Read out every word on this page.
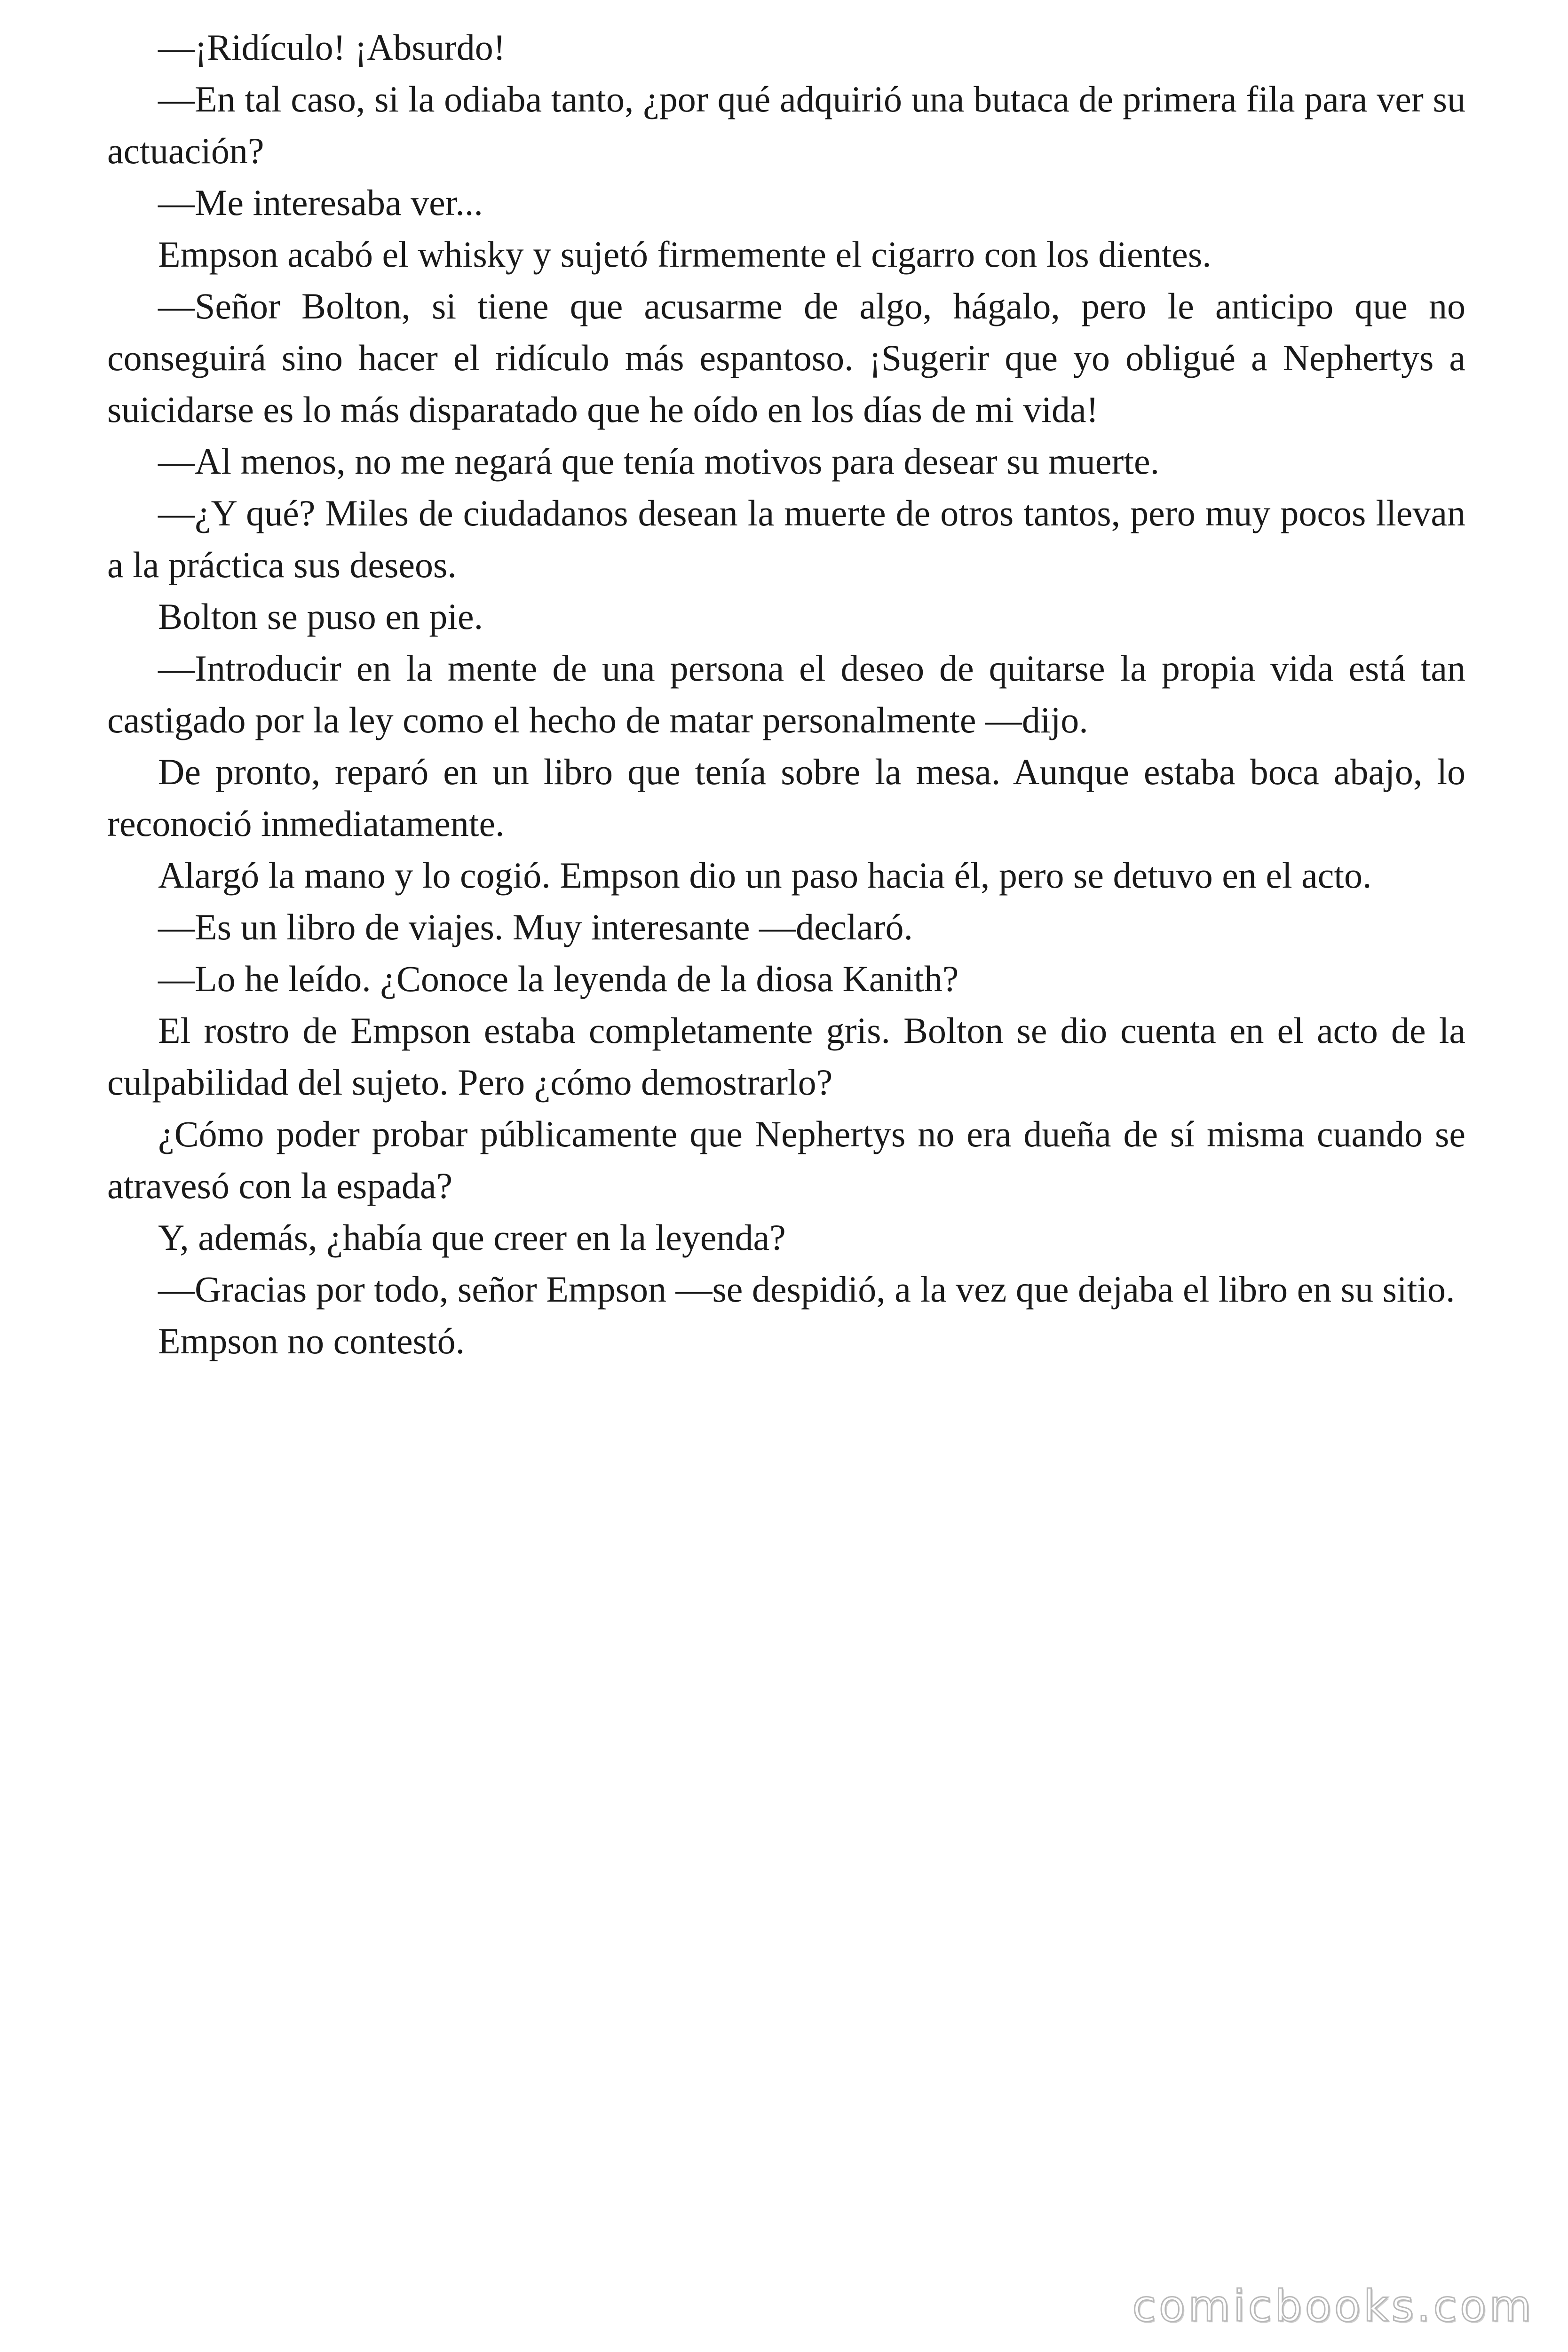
—¡Ridículo! ¡Absurdo!

—En tal caso, si la odiaba tanto, ¿por qué adquirió una butaca de primera fila para ver su actuación?

—Me interesaba ver...

Empson acabó el whisky y sujetó firmemente el cigarro con los dientes.

—Señor Bolton, si tiene que acusarme de algo, hágalo, pero le anticipo que no conseguirá sino hacer el ridículo más espantoso. ¡Sugerir que yo obligué a Nephertys a suicidarse es lo más disparatado que he oído en los días de mi vida!

—Al menos, no me negará que tenía motivos para desear su muerte.

—¿Y qué? Miles de ciudadanos desean la muerte de otros tantos, pero muy pocos llevan a la práctica sus deseos.

Bolton se puso en pie.

—Introducir en la mente de una persona el deseo de quitarse la propia vida está tan castigado por la ley como el hecho de matar personalmente —dijo.

De pronto, reparó en un libro que tenía sobre la mesa. Aunque estaba boca abajo, lo reconoció inmediatamente.

Alargó la mano y lo cogió. Empson dio un paso hacia él, pero se detuvo en el acto.

—Es un libro de viajes. Muy interesante —declaró.

—Lo he leído. ¿Conoce la leyenda de la diosa Kanith?

El rostro de Empson estaba completamente gris. Bolton se dio cuenta en el acto de la culpabilidad del sujeto. Pero ¿cómo demostrarlo?

¿Cómo poder probar públicamente que Nephertys no era dueña de sí misma cuando se atravesó con la espada?

Y, además, ¿había que creer en la leyenda?

—Gracias por todo, señor Empson —se despidió, a la vez que dejaba el libro en su sitio.

Empson no contestó.

comicbooks.com
